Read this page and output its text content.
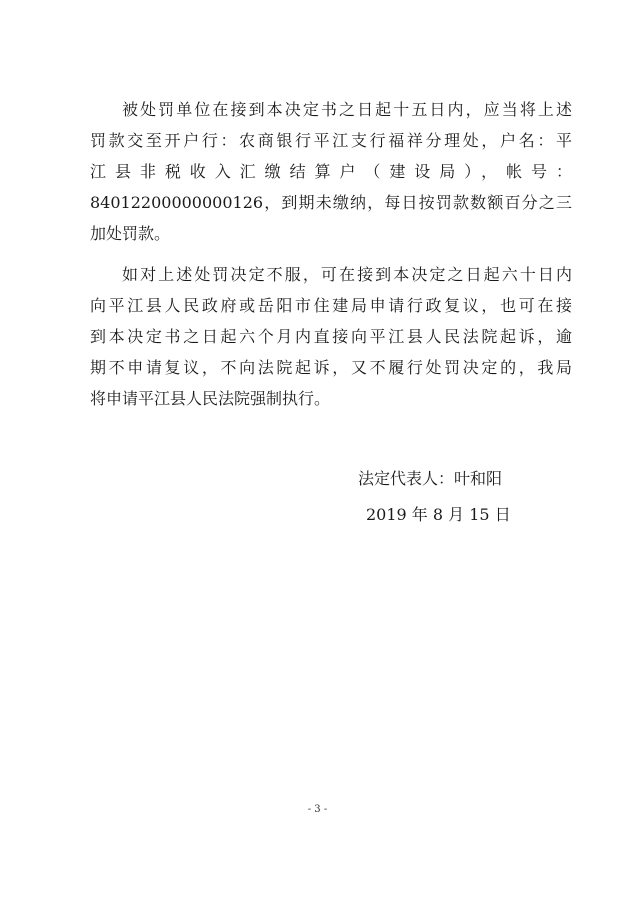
被处罚单位在接到本决定书之日起十五日内，应当将上述
罚款交至开户行：农商银行平江支行福祥分理处，户名：平
江县非税收入汇缴结算户（建设局），帐号：
84012200000000126，到期未缴纳，每日按罚款数额百分之三
加处罚款。
如对上述处罚决定不服，可在接到本决定之日起六十日内
向平江县人民政府或岳阳市住建局申请行政复议，也可在接
到本决定书之日起六个月内直接向平江县人民法院起诉，逾
期不申请复议，不向法院起诉，又不履行处罚决定的，我局
将申请平江县人民法院强制执行。
法定代表人：叶和阳
2019 年 8 月 15 日
- 3 -
